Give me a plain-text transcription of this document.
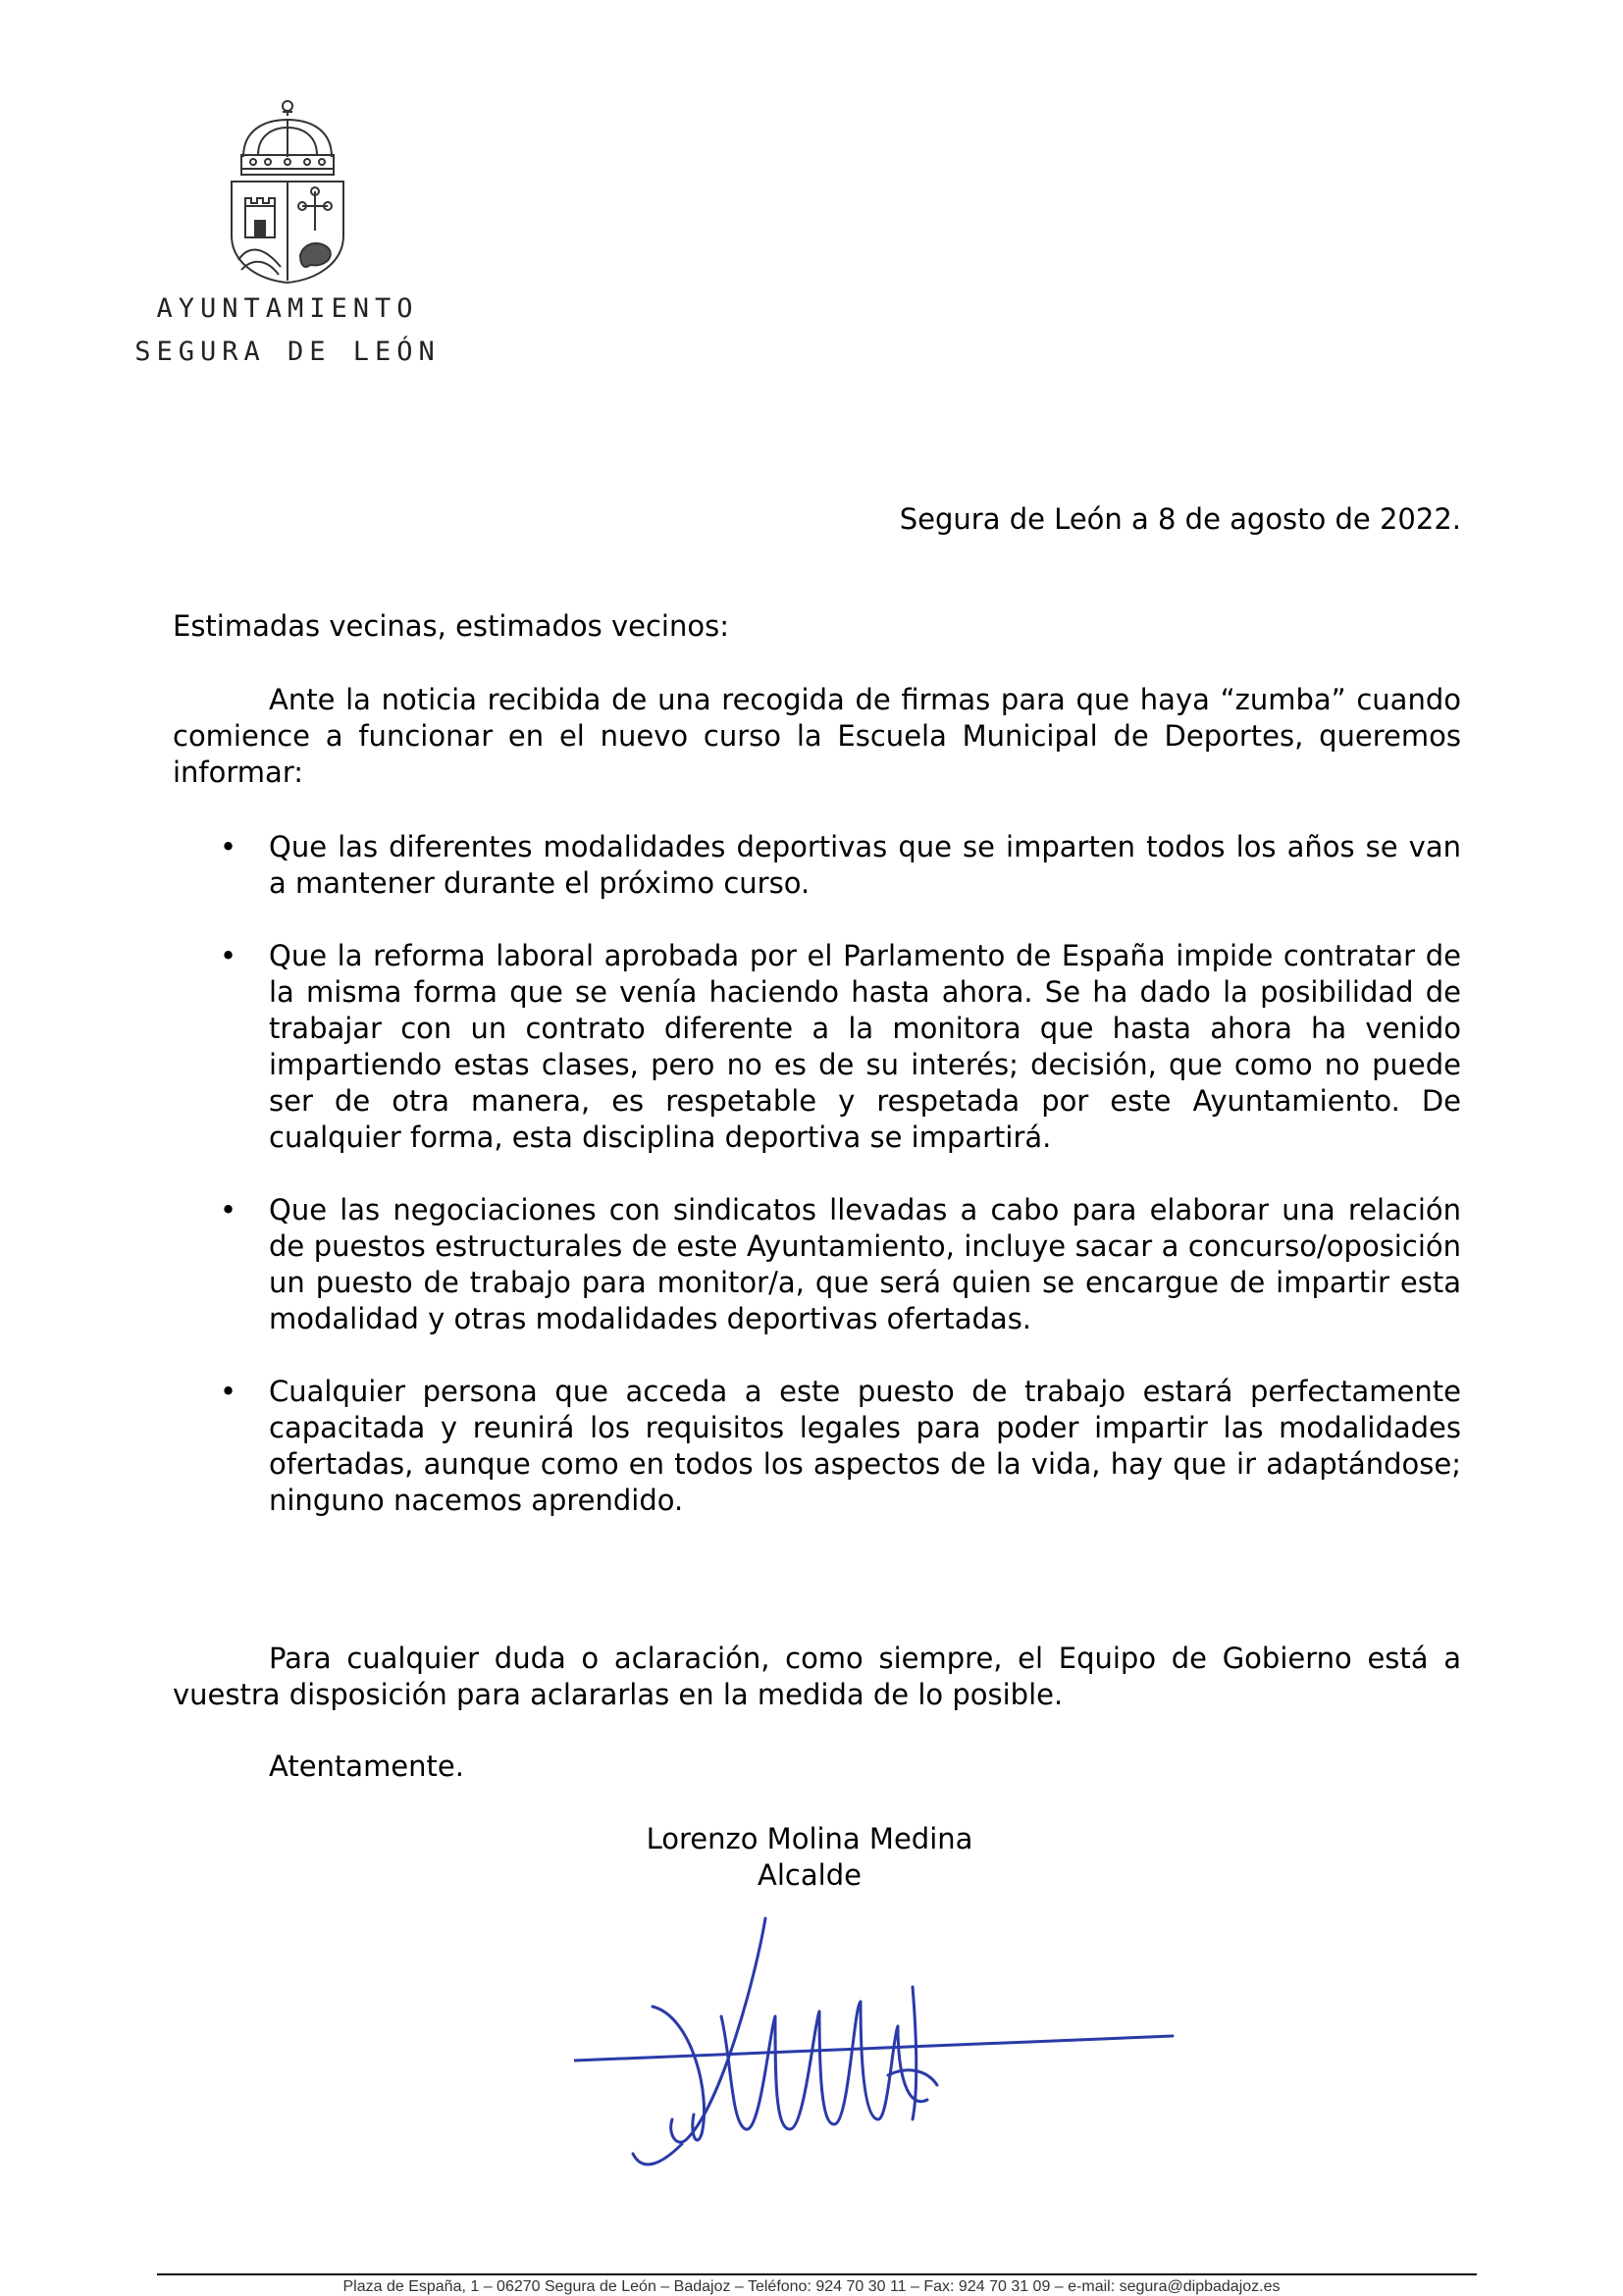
AYUNTAMIENTO
SEGURA DE LEÓN
Segura de León a 8 de agosto de 2022.
Estimadas vecinas, estimados vecinos:
Ante la noticia recibida de una recogida de firmas para que haya “zumba” cuando comience a funcionar en el nuevo curso la Escuela Municipal de Deportes, queremos informar:
• Que las diferentes modalidades deportivas que se imparten todos los años se van a mantener durante el próximo curso.
• Que la reforma laboral aprobada por el Parlamento de España impide contratar de la misma forma que se venía haciendo hasta ahora. Se ha dado la posibilidad de trabajar con un contrato diferente a la monitora que hasta ahora ha venido impartiendo estas clases, pero no es de su interés; decisión, que como no puede ser de otra manera, es respetable y respetada por este Ayuntamiento. De cualquier forma, esta disciplina deportiva se impartirá.
• Que las negociaciones con sindicatos llevadas a cabo para elaborar una relación de puestos estructurales de este Ayuntamiento, incluye sacar a concurso/oposición un puesto de trabajo para monitor/a, que será quien se encargue de impartir esta modalidad y otras modalidades deportivas ofertadas.
• Cualquier persona que acceda a este puesto de trabajo estará perfectamente capacitada y reunirá los requisitos legales para poder impartir las modalidades ofertadas, aunque como en todos los aspectos de la vida, hay que ir adaptándose; ninguno nacemos aprendido.
Para cualquier duda o aclaración, como siempre, el Equipo de Gobierno está a vuestra disposición para aclararlas en la medida de lo posible.
Atentamente.
Lorenzo Molina Medina
Alcalde
Plaza de España, 1 – 06270 Segura de León – Badajoz – Teléfono: 924 70 30 11 – Fax: 924 70 31 09 – e-mail: segura@dipbadajoz.es
